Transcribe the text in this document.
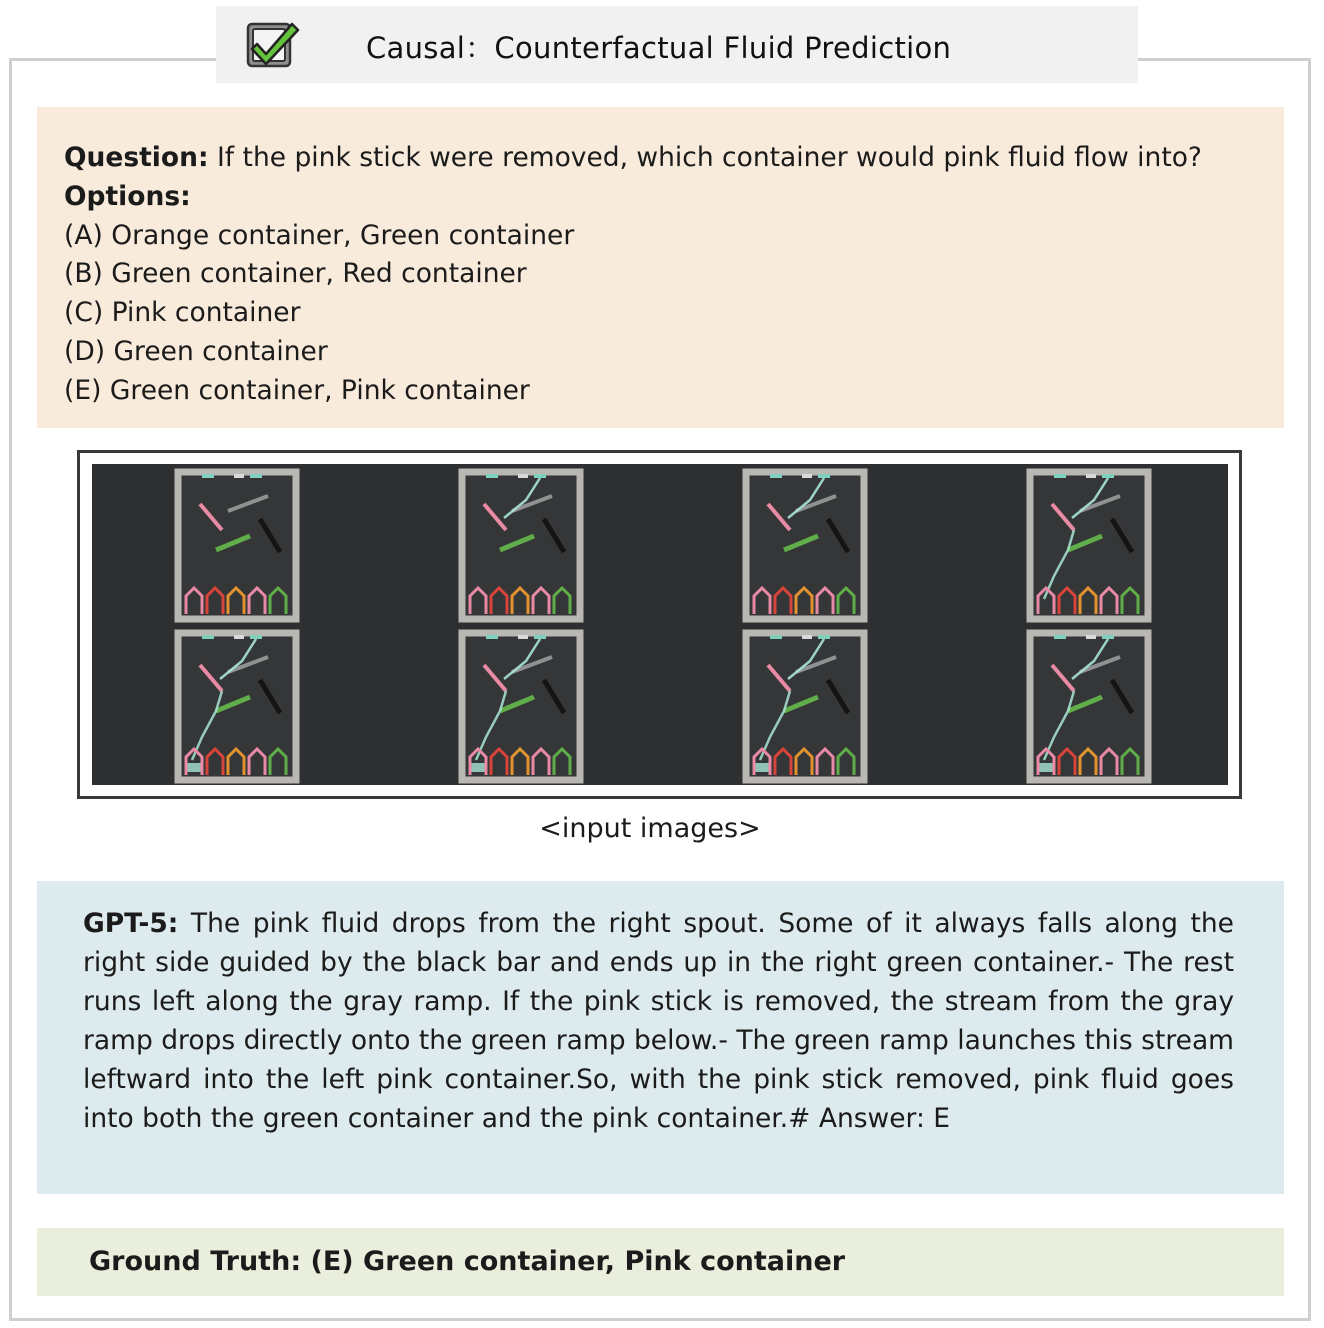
Causal：Counterfactual Fluid Prediction
Question: If the pink stick were removed, which container would pink fluid flow into?
Options:
(A) Orange container, Green container
(B) Green container, Red container
(C) Pink container
(D) Green container
(E) Green container, Pink container
<input images>
GPT-5: The pink fluid drops from the right spout. Some of it always falls along the right side guided by the black bar and ends up in the right green container.- The rest runs left along the gray ramp. If the pink stick is removed, the stream from the gray ramp drops directly onto the green ramp below.- The green ramp launches this stream leftward into the left pink container.So, with the pink stick removed, pink fluid goes into both the green container and the pink container.# Answer: E
Ground Truth: (E) Green container, Pink container
